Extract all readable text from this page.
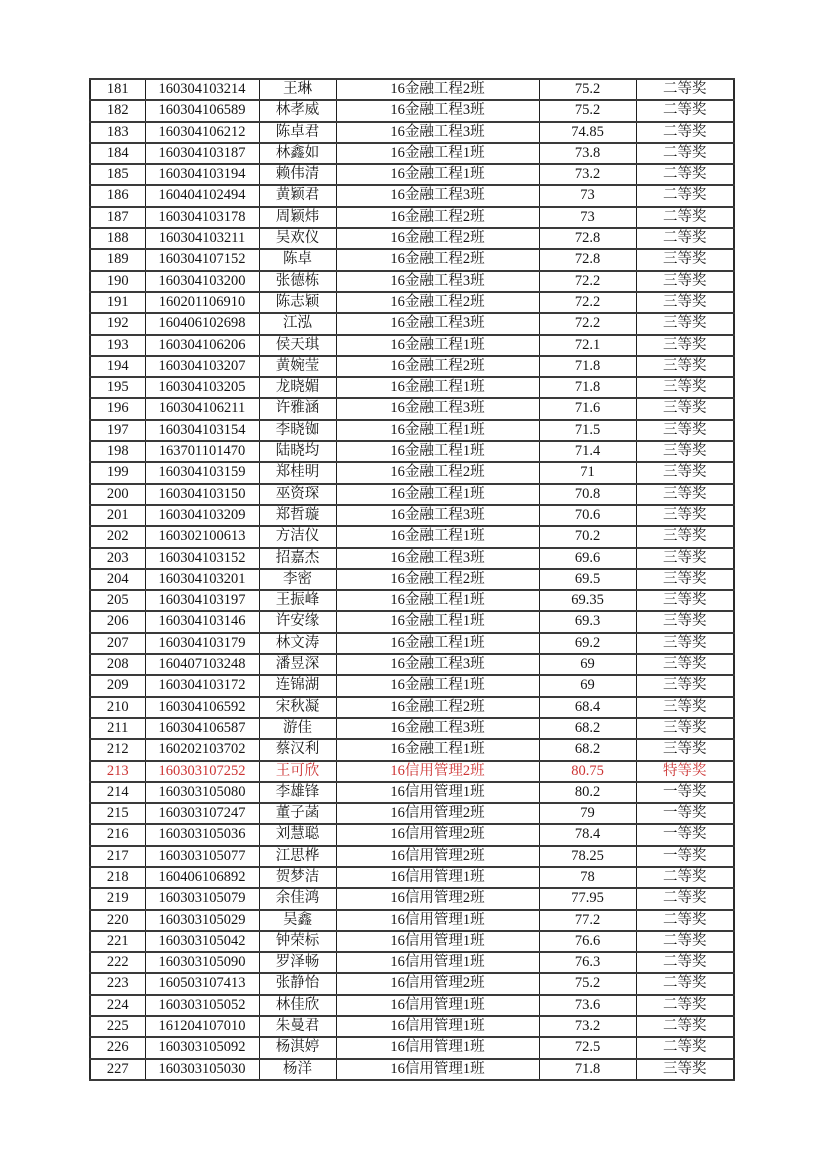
181	160304103214	王琳	16金融工程2班	75.2	二等奖
182	160304106589	林孝威	16金融工程3班	75.2	二等奖
183	160304106212	陈卓君	16金融工程3班	74.85	二等奖
184	160304103187	林鑫如	16金融工程1班	73.8	二等奖
185	160304103194	赖伟清	16金融工程1班	73.2	二等奖
186	160404102494	黄颖君	16金融工程3班	73	二等奖
187	160304103178	周颖炜	16金融工程2班	73	二等奖
188	160304103211	吴欢仪	16金融工程2班	72.8	二等奖
189	160304107152	陈卓	16金融工程2班	72.8	三等奖
190	160304103200	张德栋	16金融工程3班	72.2	三等奖
191	160201106910	陈志颖	16金融工程2班	72.2	三等奖
192	160406102698	江泓	16金融工程3班	72.2	三等奖
193	160304106206	侯天琪	16金融工程1班	72.1	三等奖
194	160304103207	黄婉莹	16金融工程2班	71.8	三等奖
195	160304103205	龙晓媚	16金融工程1班	71.8	三等奖
196	160304106211	许雅涵	16金融工程3班	71.6	三等奖
197	160304103154	李晓铷	16金融工程1班	71.5	三等奖
198	163701101470	陆晓均	16金融工程1班	71.4	三等奖
199	160304103159	郑桂明	16金融工程2班	71	三等奖
200	160304103150	巫资琛	16金融工程1班	70.8	三等奖
201	160304103209	郑哲璇	16金融工程3班	70.6	三等奖
202	160302100613	方洁仪	16金融工程1班	70.2	三等奖
203	160304103152	招嘉杰	16金融工程3班	69.6	三等奖
204	160304103201	李密	16金融工程2班	69.5	三等奖
205	160304103197	王振峰	16金融工程1班	69.35	三等奖
206	160304103146	许安缘	16金融工程1班	69.3	三等奖
207	160304103179	林文涛	16金融工程1班	69.2	三等奖
208	160407103248	潘昱深	16金融工程3班	69	三等奖
209	160304103172	连锦湖	16金融工程1班	69	三等奖
210	160304106592	宋秋凝	16金融工程2班	68.4	三等奖
211	160304106587	游佳	16金融工程3班	68.2	三等奖
212	160202103702	蔡汉利	16金融工程1班	68.2	三等奖
213	160303107252	王可欣	16信用管理2班	80.75	特等奖
214	160303105080	李雄锋	16信用管理1班	80.2	一等奖
215	160303107247	董子菡	16信用管理2班	79	一等奖
216	160303105036	刘慧聪	16信用管理2班	78.4	一等奖
217	160303105077	江思桦	16信用管理2班	78.25	一等奖
218	160406106892	贺梦洁	16信用管理1班	78	二等奖
219	160303105079	余佳鸿	16信用管理2班	77.95	二等奖
220	160303105029	吴鑫	16信用管理1班	77.2	二等奖
221	160303105042	钟荣标	16信用管理1班	76.6	二等奖
222	160303105090	罗泽畅	16信用管理1班	76.3	二等奖
223	160503107413	张静怡	16信用管理2班	75.2	二等奖
224	160303105052	林佳欣	16信用管理1班	73.6	二等奖
225	161204107010	朱曼君	16信用管理1班	73.2	二等奖
226	160303105092	杨淇婷	16信用管理1班	72.5	二等奖
227	160303105030	杨洋	16信用管理1班	71.8	三等奖
